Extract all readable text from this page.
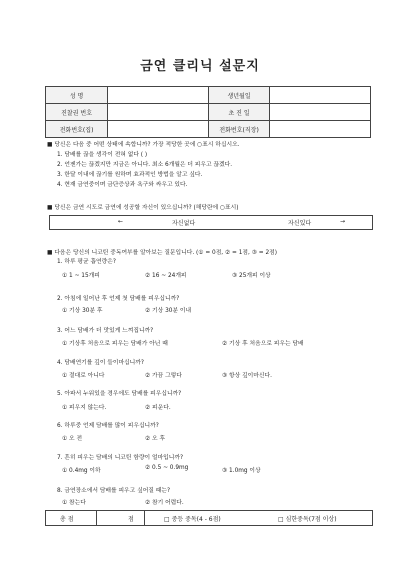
금연 클리닉 설문지
성 명		생년월일	
진찰권 번호		초 진 일	
전화번호(집)		전화번호(직장)	
■ 당신은 다음 중 어떤 상태에 속합니까? 가장 적당한 곳에 ○표시 하십시오.
1. 담배를 끊을 생각이 전혀 없다 ( )
2. 언젠가는 끊겠지만 지금은 아니다. 최소 6개월은 더 피우고 끊겠다.
3. 한달 이내에 끊기를 원하며 효과적인 방법을 알고 싶다.
4. 현재 금연중이며 금단증상과 욕구와 싸우고 있다.
■ 당신은 금연 시도로 금연에 성공할 자신이 있으십니까? (해당란에 ○표시)
←	자신없다	자신있다	→
■ 다음은 당신의 니코틴 중독여부를 알아보는 질문입니다. (① = 0점, ② = 1점, ③ = 2점)
1. 하루 평균 흡연량은?
① 1 ~ 15개피	② 16 ~ 24개피	③ 25개피 이상
2. 아침에 일어난 후 언제 첫 담배를 피우십니까?
① 기상 30분 후	② 기상 30분 이내
3. 어느 담배가 더 맛있게 느껴집니까?
① 기상후 처음으로 피우는 담배가 아닌 때	② 기상 후 처음으로 피우는 담배
4. 담배연기를 깊이 들이마십니까?
① 절대로 아니다	② 가끔 그렇다	③ 항상 깊이마신다.
5. 아파서 누워있을 경우에도 담배를 피우십니까?
① 피우지 않는다.	② 피운다.
6. 하루중 언제 담배를 많이 피우십니까?
① 오 전	② 오 후
7. 흔히 피우는 담배의 니코틴 함량이 얼마입니까?
① 0.4mg 이하	② 0.5 ~ 0.9mg	③ 1.0mg 이상
8. 금연장소에서 담배를 피우고 싶어질 때는?
① 참는다	② 참기 어렵다.
총 점	점	□ 중등 중독(4 - 6점)	□ 심한중독(7점 이상)
